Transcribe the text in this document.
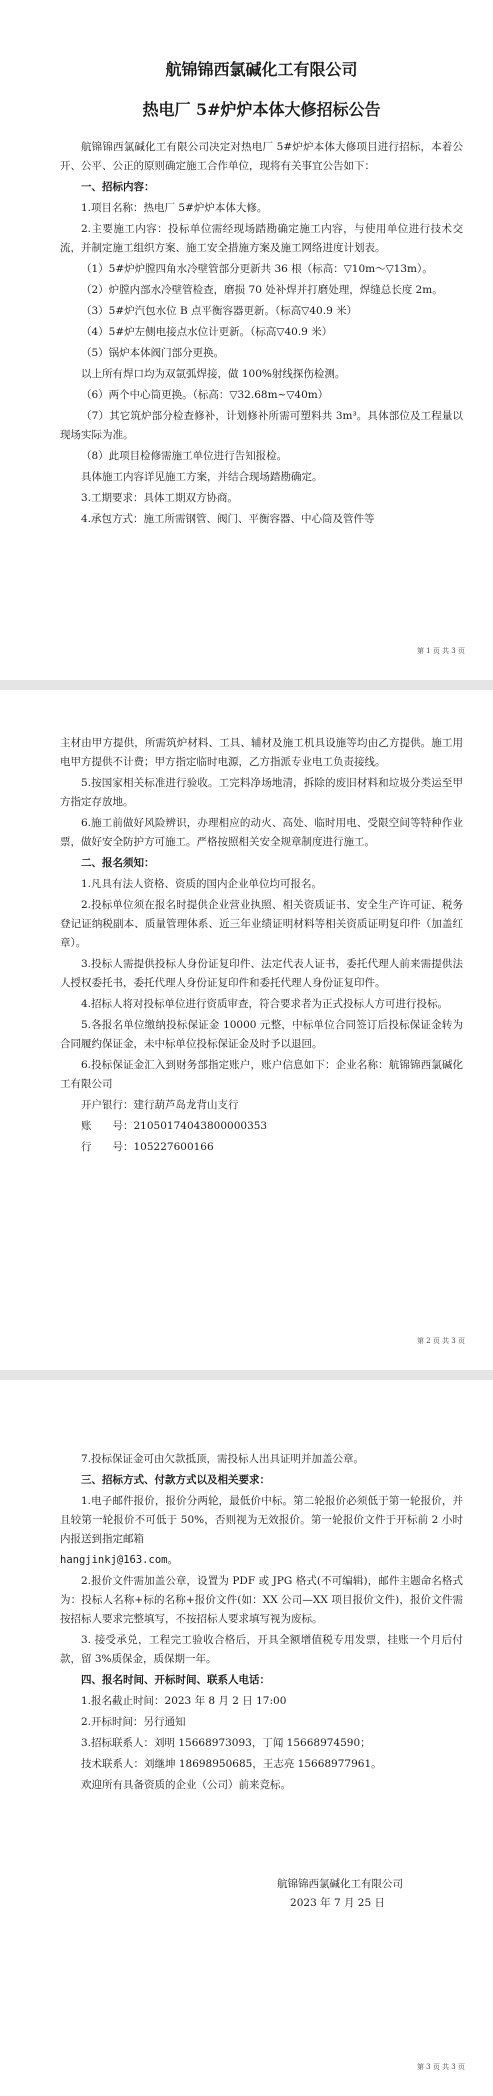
航锦锦西氯碱化工有限公司
热电厂 5#炉炉本体大修招标公告

航锦锦西氯碱化工有限公司决定对热电厂 5#炉炉本体大修项目进行招标，本着公开、公平、公正的原则确定施工合作单位，现将有关事宜公告如下：

一、招标内容：

1.项目名称：热电厂 5#炉炉本体大修。

2.主要施工内容：投标单位需经现场踏勘确定施工内容，与使用单位进行技术交流，并制定施工组织方案、施工安全措施方案及施工网络进度计划表。

（1）5#炉炉膛四角水冷壁管部分更新共 36 根（标高：▽10m～▽13m）。

（2）炉膛内部水冷壁管检查，磨损 70 处补焊并打磨处理，焊缝总长度 2m。

（3）5#炉汽包水位 B 点平衡容器更新。（标高▽40.9 米）

（4）5#炉左侧电接点水位计更新。（标高▽40.9 米）

（5）锅炉本体阀门部分更换。

以上所有焊口均为双氩弧焊接，做 100%射线探伤检测。

（6）两个中心筒更换。（标高：▽32.68m~▽40m）

（7）其它筑炉部分检查修补，计划修补所需可塑料共 3m³。具体部位及工程量以现场实际为准。

（8）此项目检修需施工单位进行告知报检。

具体施工内容详见施工方案，并结合现场踏勘确定。

3.工期要求：具体工期双方协商。

4.承包方式：施工所需钢管、阀门、平衡容器、中心筒及管件等

第 1 页 共 3 页

主材由甲方提供，所需筑炉材料、工具、辅材及施工机具设施等均由乙方提供。施工用电甲方提供不计费；甲方指定临时电源，乙方指派专业电工负责接线。

5.按国家相关标准进行验收。工完料净场地清，拆除的废旧材料和垃圾分类运至甲方指定存放地。

6.施工前做好风险辨识，办理相应的动火、高处、临时用电、受限空间等特种作业票，做好安全防护方可施工。严格按照相关安全规章制度进行施工。

二、报名须知：

1.凡具有法人资格、资质的国内企业单位均可报名。

2.投标单位须在报名时提供企业营业执照、相关资质证书、安全生产许可证、税务登记证纳税副本、质量管理体系、近三年业绩证明材料等相关资质证明复印件（加盖红章）。

3.投标人需提供投标人身份证复印件、法定代表人证书，委托代理人前来需提供法人授权委托书，委托代理人身份证复印件和委托代理人身份证复印件。

4.招标人将对投标单位进行资质审查，符合要求者为正式投标人方可进行投标。

5.各报名单位缴纳投标保证金 10000 元整，中标单位合同签订后投标保证金转为合同履约保证金，未中标单位投标保证金及时予以退回。

6.投标保证金汇入到财务部指定账户，账户信息如下：企业名称：航锦锦西氯碱化工有限公司

开户银行：建行葫芦岛龙背山支行

账　　号：21050174043800000353

行　　号：105227600166

第 2 页 共 3 页

7.投标保证金可由欠款抵顶，需投标人出具证明并加盖公章。

三、招标方式、付款方式以及相关要求：

1.电子邮件报价，报价分两轮，最低价中标。第二轮报价必须低于第一轮报价，并且较第一轮报价不可低于 50%，否则视为无效报价。第一轮报价文件于开标前 2 小时内报送到指定邮箱

hangjinkj@163.com。

2.报价文件需加盖公章，设置为 PDF 或 JPG 格式(不可编辑)，邮件主题命名格式为：投标人名称+标的名称+报价文件(如：XX 公司—XX 项目报价文件)，报价文件需按招标人要求完整填写，不按招标人要求填写视为废标。

3. 接受承兑，工程完工验收合格后，开具全额增值税专用发票，挂账一个月后付款，留 3%质保金，质保期一年。

四、报名时间、开标时间、联系人电话：

1.报名截止时间：2023 年 8 月 2 日 17:00

2.开标时间：另行通知

3.招标联系人：刘明 15668973093，丁闻 15668974590；

技术联系人：刘继坤 18698950685，王志亮 15668977961。

欢迎所有具备资质的企业（公司）前来竞标。

航锦锦西氯碱化工有限公司

2023 年 7 月 25 日

第 3 页 共 3 页
